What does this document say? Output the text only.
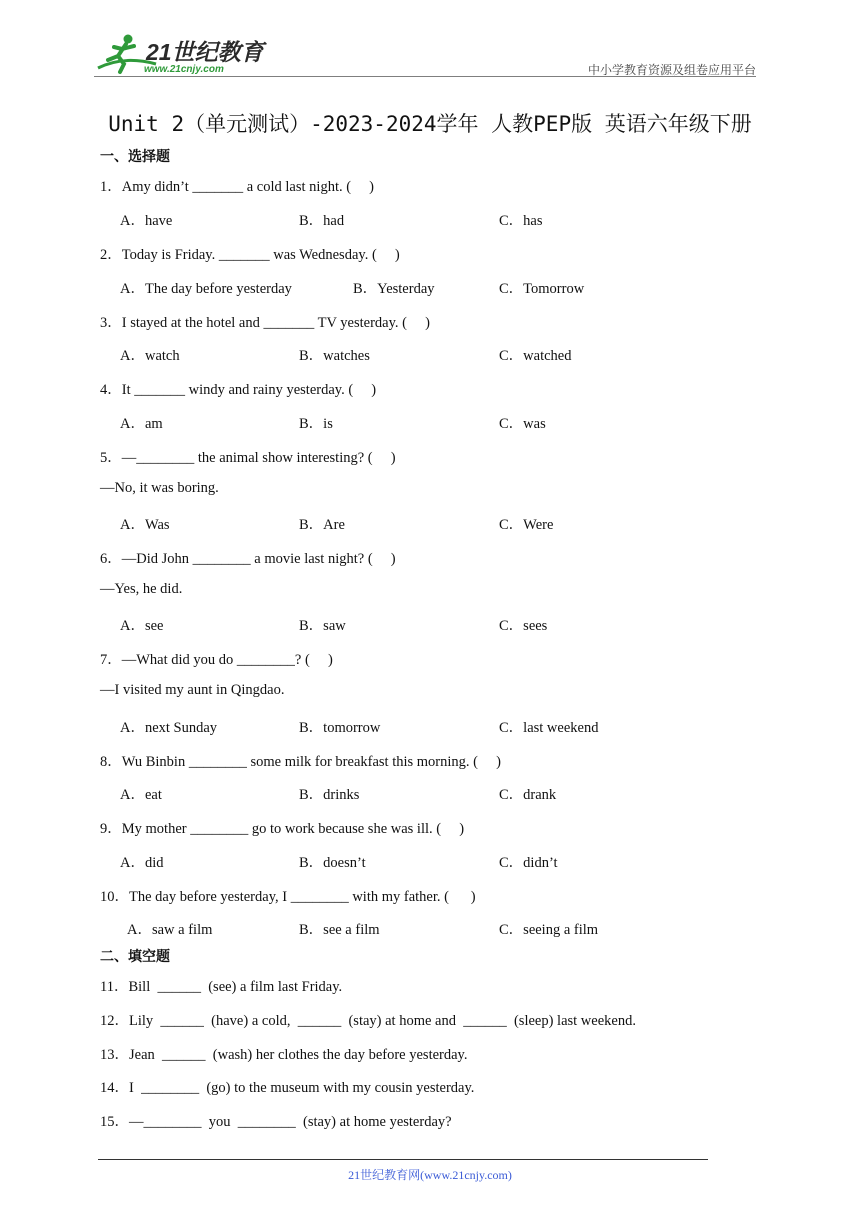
21世纪教育
www.21cnjy.com	中小学教育资源及组卷应用平台
Unit 2（单元测试）-2023-2024学年 人教PEP版 英语六年级下册
一、选择题
1．Amy didn’t _______ a cold last night. (     )
A．have	B．had	C．has
2．Today is Friday. _______ was Wednesday. (     )
A．The day before yesterday	B．Yesterday	C．Tomorrow
3．I stayed at the hotel and _______ TV yesterday. (     )
A．watch	B．watches	C．watched
4．It _______ windy and rainy yesterday. (     )
A．am	B．is	C．was
5．—________ the animal show interesting? (     )
—No, it was boring.
A．Was	B．Are	C．Were
6．—Did John ________ a movie last night? (     )
—Yes, he did.
A．see	B．saw	C．sees
7．—What did you do ________? (     )
—I visited my aunt in Qingdao.
A．next Sunday	B．tomorrow	C．last weekend
8．Wu Binbin ________ some milk for breakfast this morning. (     )
A．eat	B．drinks	C．drank
9．My mother ________ go to work because she was ill. (     )
A．did	B．doesn’t	C．didn’t
10．The day before yesterday, I ________ with my father. (      )
A．saw a film	B．see a film	C．seeing a film
二、填空题
11．Bill  ______  (see) a film last Friday.
12．Lily  ______  (have) a cold,  ______  (stay) at home and  ______  (sleep) last weekend.
13．Jean  ______  (wash) her clothes the day before yesterday.
14．I  ________  (go) to the museum with my cousin yesterday.
15．—________  you  ________  (stay) at home yesterday?
21世纪教育网(www.21cnjy.com)
